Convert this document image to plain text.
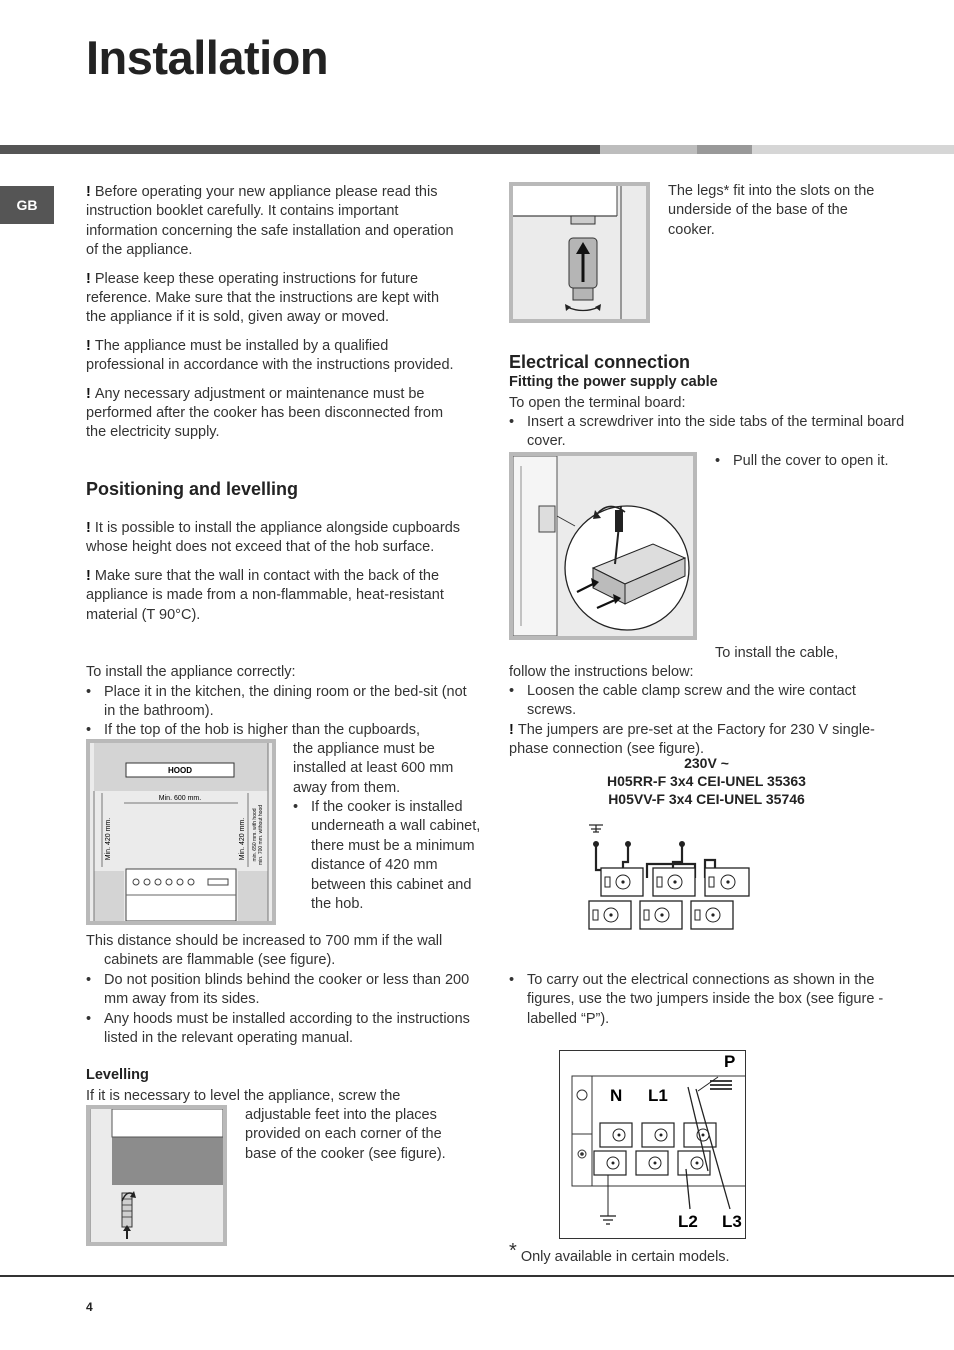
Installation
GB

! Before operating your new appliance please read this instruction booklet carefully. It contains important information concerning the safe installation and operation of the appliance.

! Please keep these operating instructions for future reference. Make sure that the instructions are kept with the appliance if it is sold, given away or moved.

! The appliance must be installed by a qualified professional in accordance with the instructions provided.

! Any necessary adjustment or maintenance must be performed after the cooker has been disconnected from the electricity supply.

Positioning and levelling

! It is possible to install the appliance alongside cupboards whose height does not exceed that of the hob surface.

! Make sure that the wall in contact with the back of the appliance is made from a non-flammable, heat-resistant material (T 90°C).

To install the appliance correctly:
• Place it in the kitchen, the dining room or the bed-sit (not in the bathroom).
• If the top of the hob is higher than the cupboards,
HOOD
Min. 600 mm.
Min. 420 mm.	Min. 420 mm. min. 650 mm. with hood min. 700 mm. without hood
the appliance must be installed at least 600 mm away from them.
• If the cooker is installed underneath a wall cabinet, there must be a minimum distance of 420 mm between this cabinet and the hob.
This distance should be increased to 700 mm if the wall
cabinets are flammable (see figure).
• Do not position blinds behind the cooker or less than 200 mm away from its sides.
• Any hoods must be installed according to the instructions listed in the relevant operating manual.
Levelling
If it is necessary to level the appliance, screw the
adjustable feet into the places provided on each corner of the base of the cooker (see figure).
The legs* fit into the slots on the underside of the base of the cooker.
Electrical connection
Fitting the power supply cable
To open the terminal board:
• Insert a screwdriver into the side tabs of the terminal board cover.
• Pull the cover to open it.
To install the cable,
follow the instructions below:
• Loosen the cable clamp screw and the wire contact screws.
! The jumpers are pre-set at the Factory for 230 V single-phase connection (see figure).
230V ~
H05RR-F 3x4 CEI-UNEL 35363
H05VV-F 3x4 CEI-UNEL 35746
• To carry out the electrical connections as shown in the figures, use the two jumpers inside the box (see figure - labelled “P”).
P
N L1
L2 L3
* Only available in certain models.
4
